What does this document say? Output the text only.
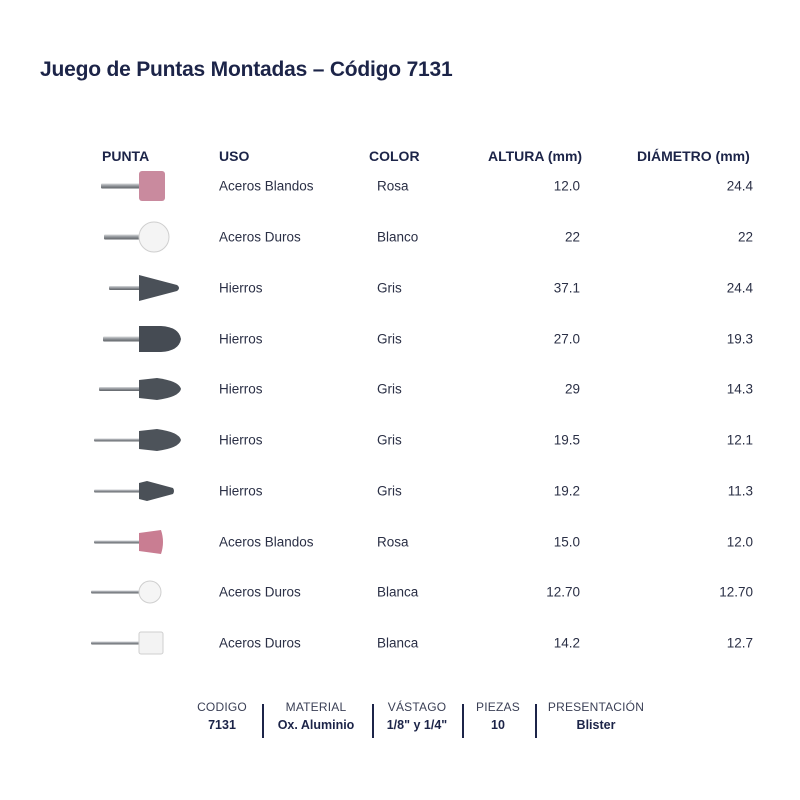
Juego de Puntas Montadas – Código 7131
PUNTA	USO	COLOR	ALTURA (mm)	DIÁMETRO (mm)
Aceros Blandos	Rosa	12.0	24.4
Aceros Duros	Blanco	22	22
Hierros	Gris	37.1	24.4
Hierros	Gris	27.0	19.3
Hierros	Gris	29	14.3
Hierros	Gris	19.5	12.1
Hierros	Gris	19.2	11.3
Aceros Blandos	Rosa	15.0	12.0
Aceros Duros	Blanca	12.70	12.70
Aceros Duros	Blanca	14.2	12.7
CODIGO
7131
MATERIAL
Ox. Aluminio
VÁSTAGO
1/8" y 1/4"
PIEZAS
10
PRESENTACIÓN
Blister
